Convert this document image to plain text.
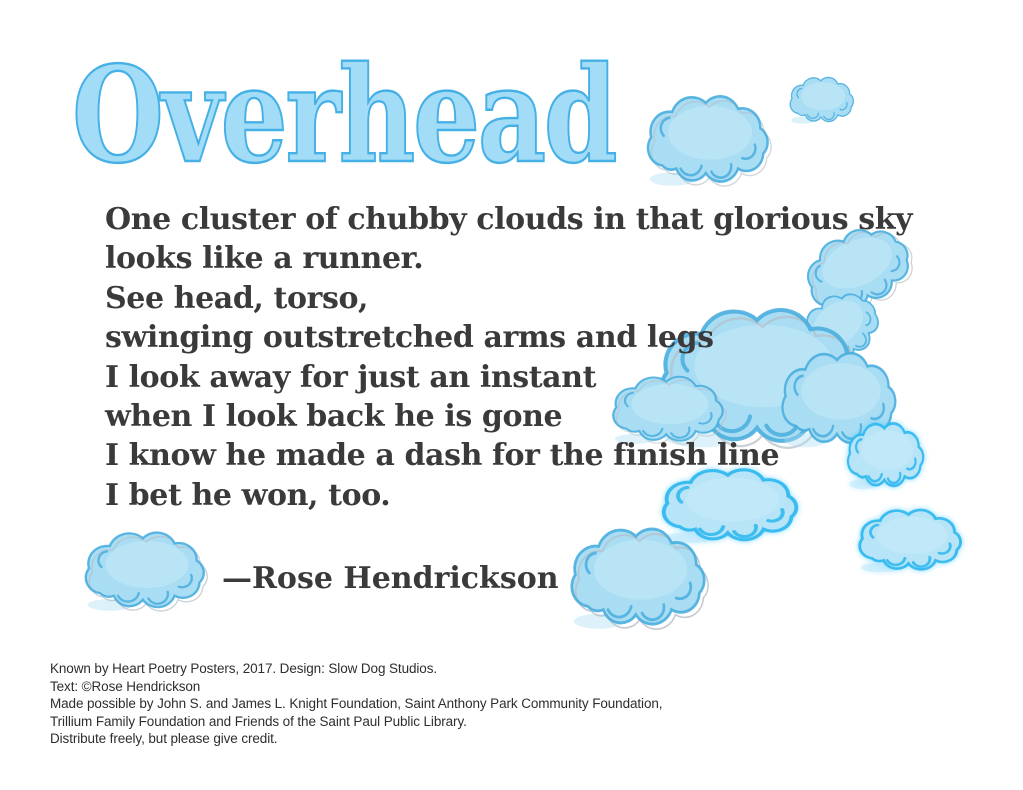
Overhead
One cluster of chubby clouds in that glorious sky
looks like a runner.
See head, torso,
swinging outstretched arms and legs
I look away for just an instant
when I look back he is gone
I know he made a dash for the finish line
I bet he won, too.
—Rose Hendrickson
Known by Heart Poetry Posters, 2017. Design: Slow Dog Studios.
Text: ©Rose Hendrickson
Made possible by John S. and James L. Knight Foundation, Saint Anthony Park Community Foundation,
Trillium Family Foundation and Friends of the Saint Paul Public Library.
Distribute freely, but please give credit.
